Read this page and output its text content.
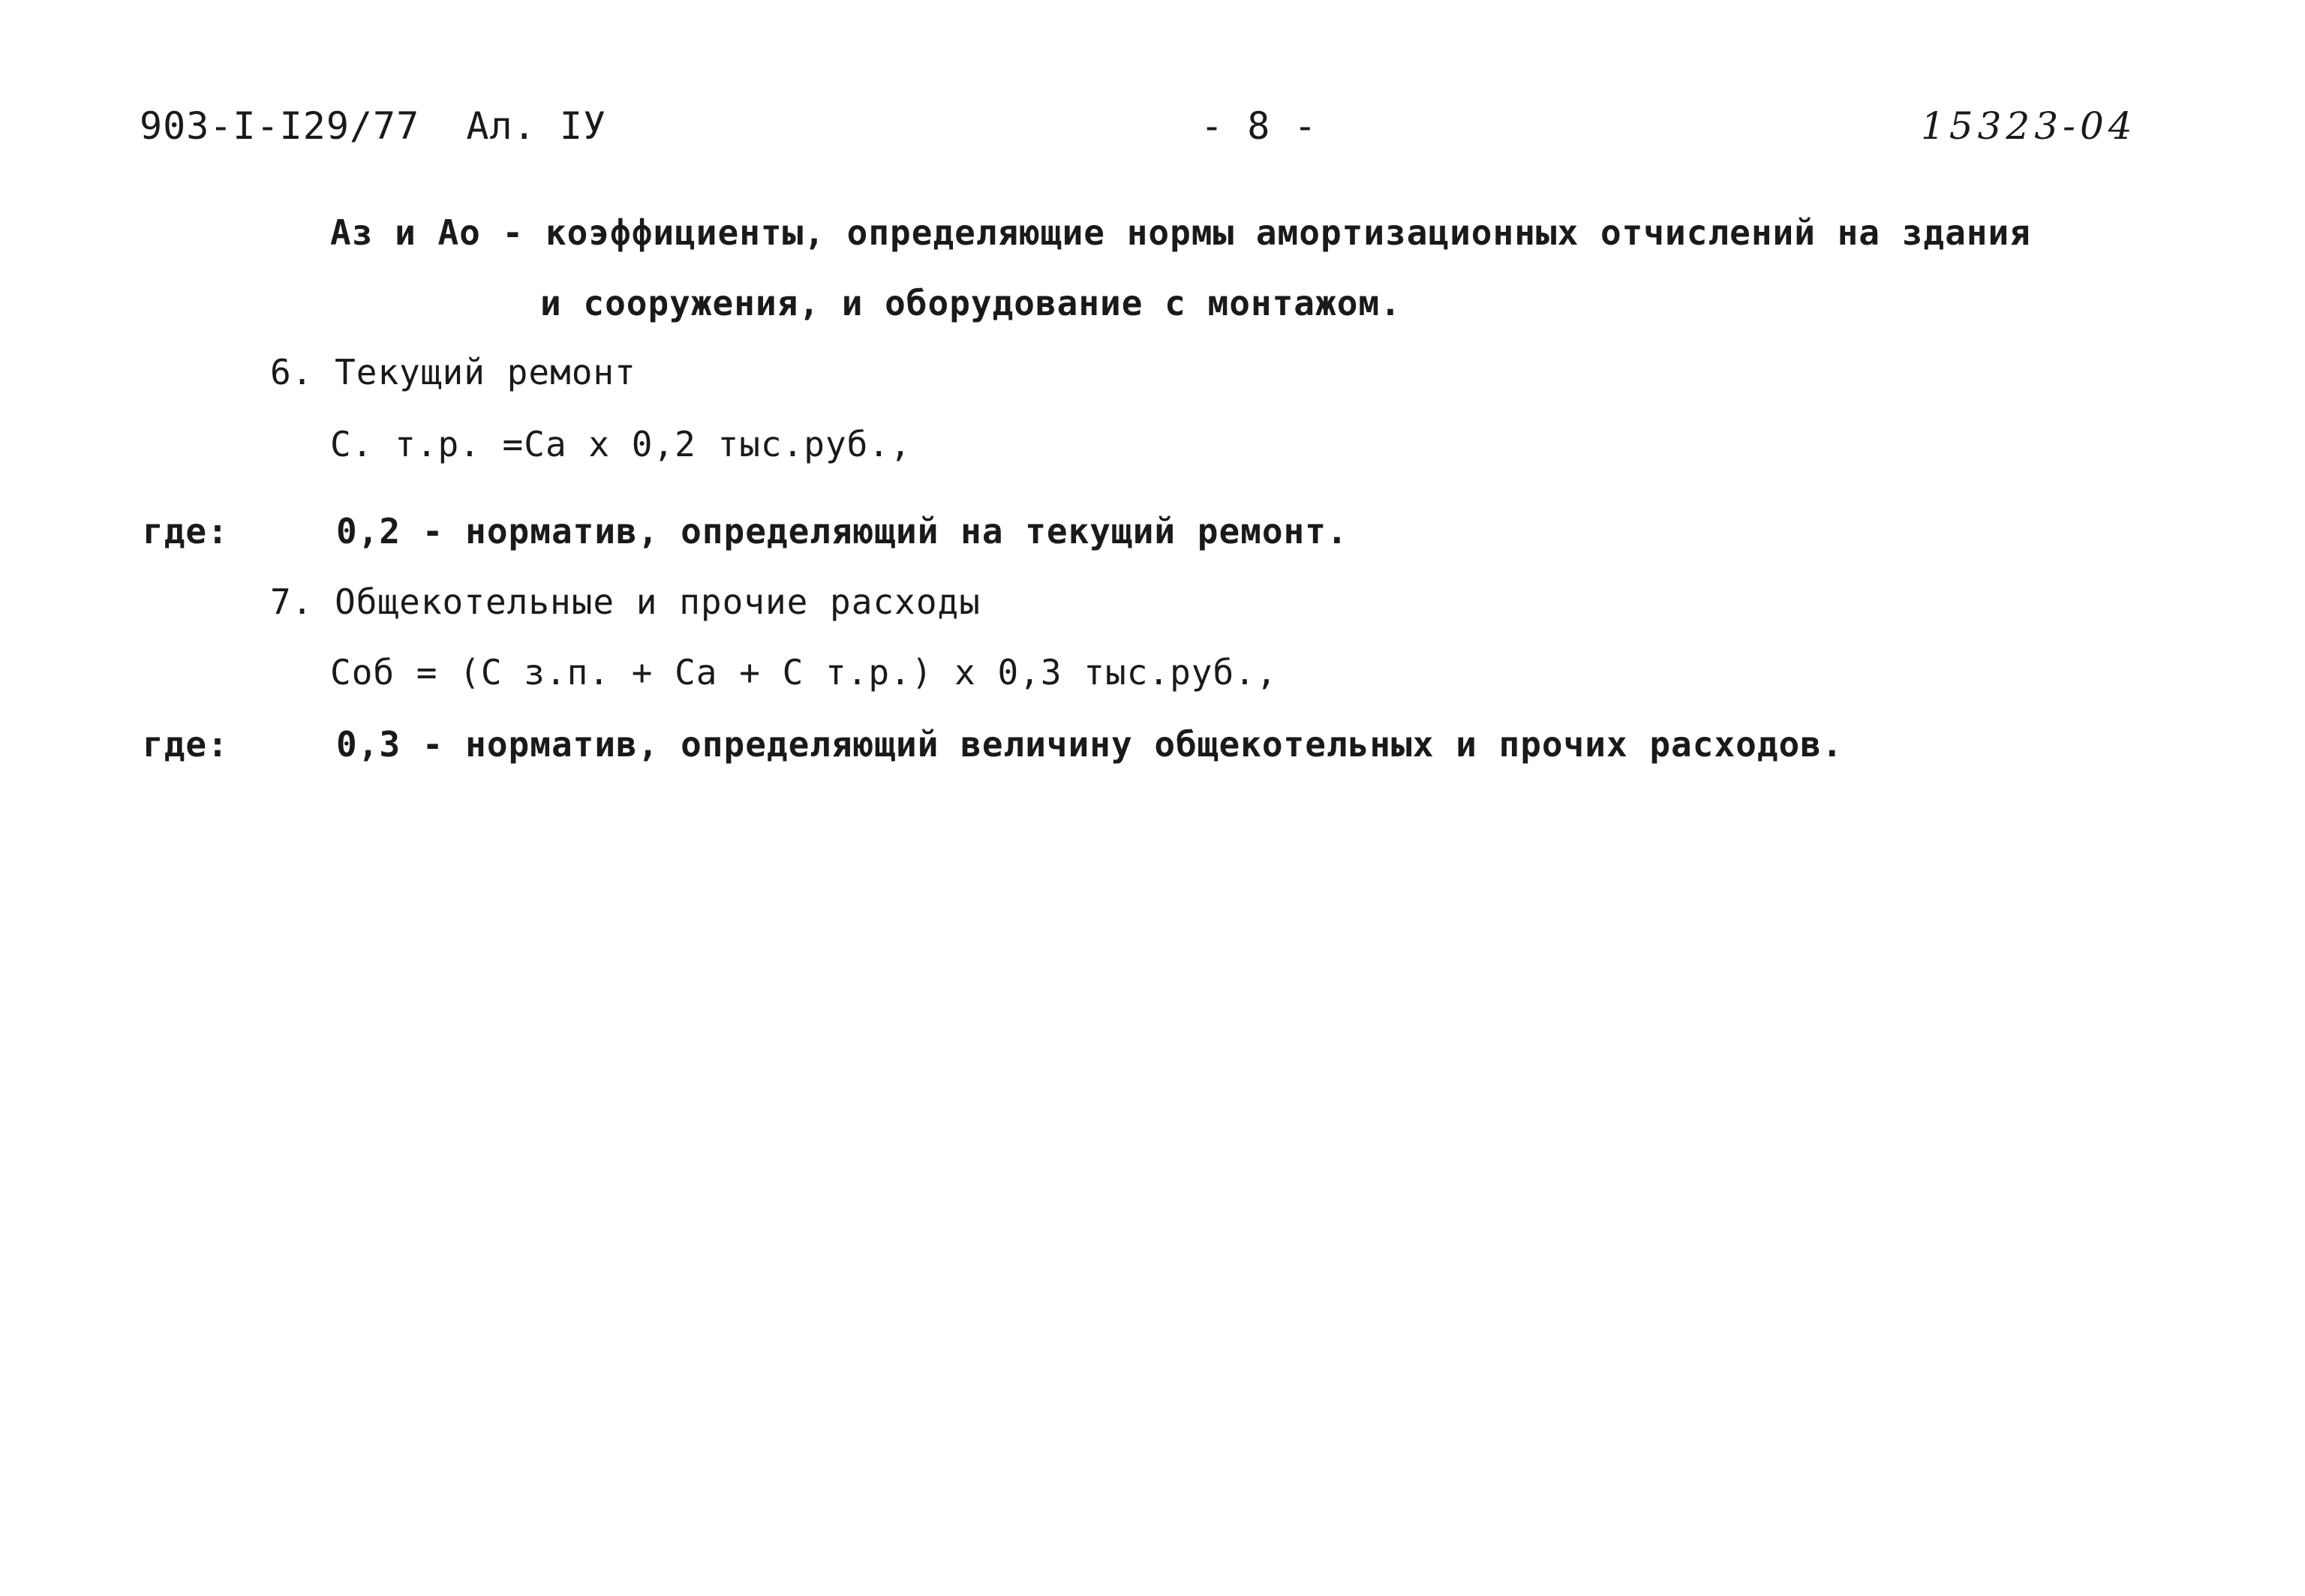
903-I-I29/77  Ал. IУ	- 8 -	15323-04
Аз и Ао - коэффициенты, определяющие нормы амортизационных отчислений на здания
и сооружения, и оборудование с монтажом.
6. Текущий ремонт
С. т.р. =Са х 0,2 тыс.руб.,
где:	0,2 - норматив, определяющий на текущий ремонт.
7. Общекотельные и прочие расходы
Соб = (С з.п. + Са + С т.р.) х 0,3 тыс.руб.,
где:	0,3 - норматив, определяющий величину общекотельных и прочих расходов.
